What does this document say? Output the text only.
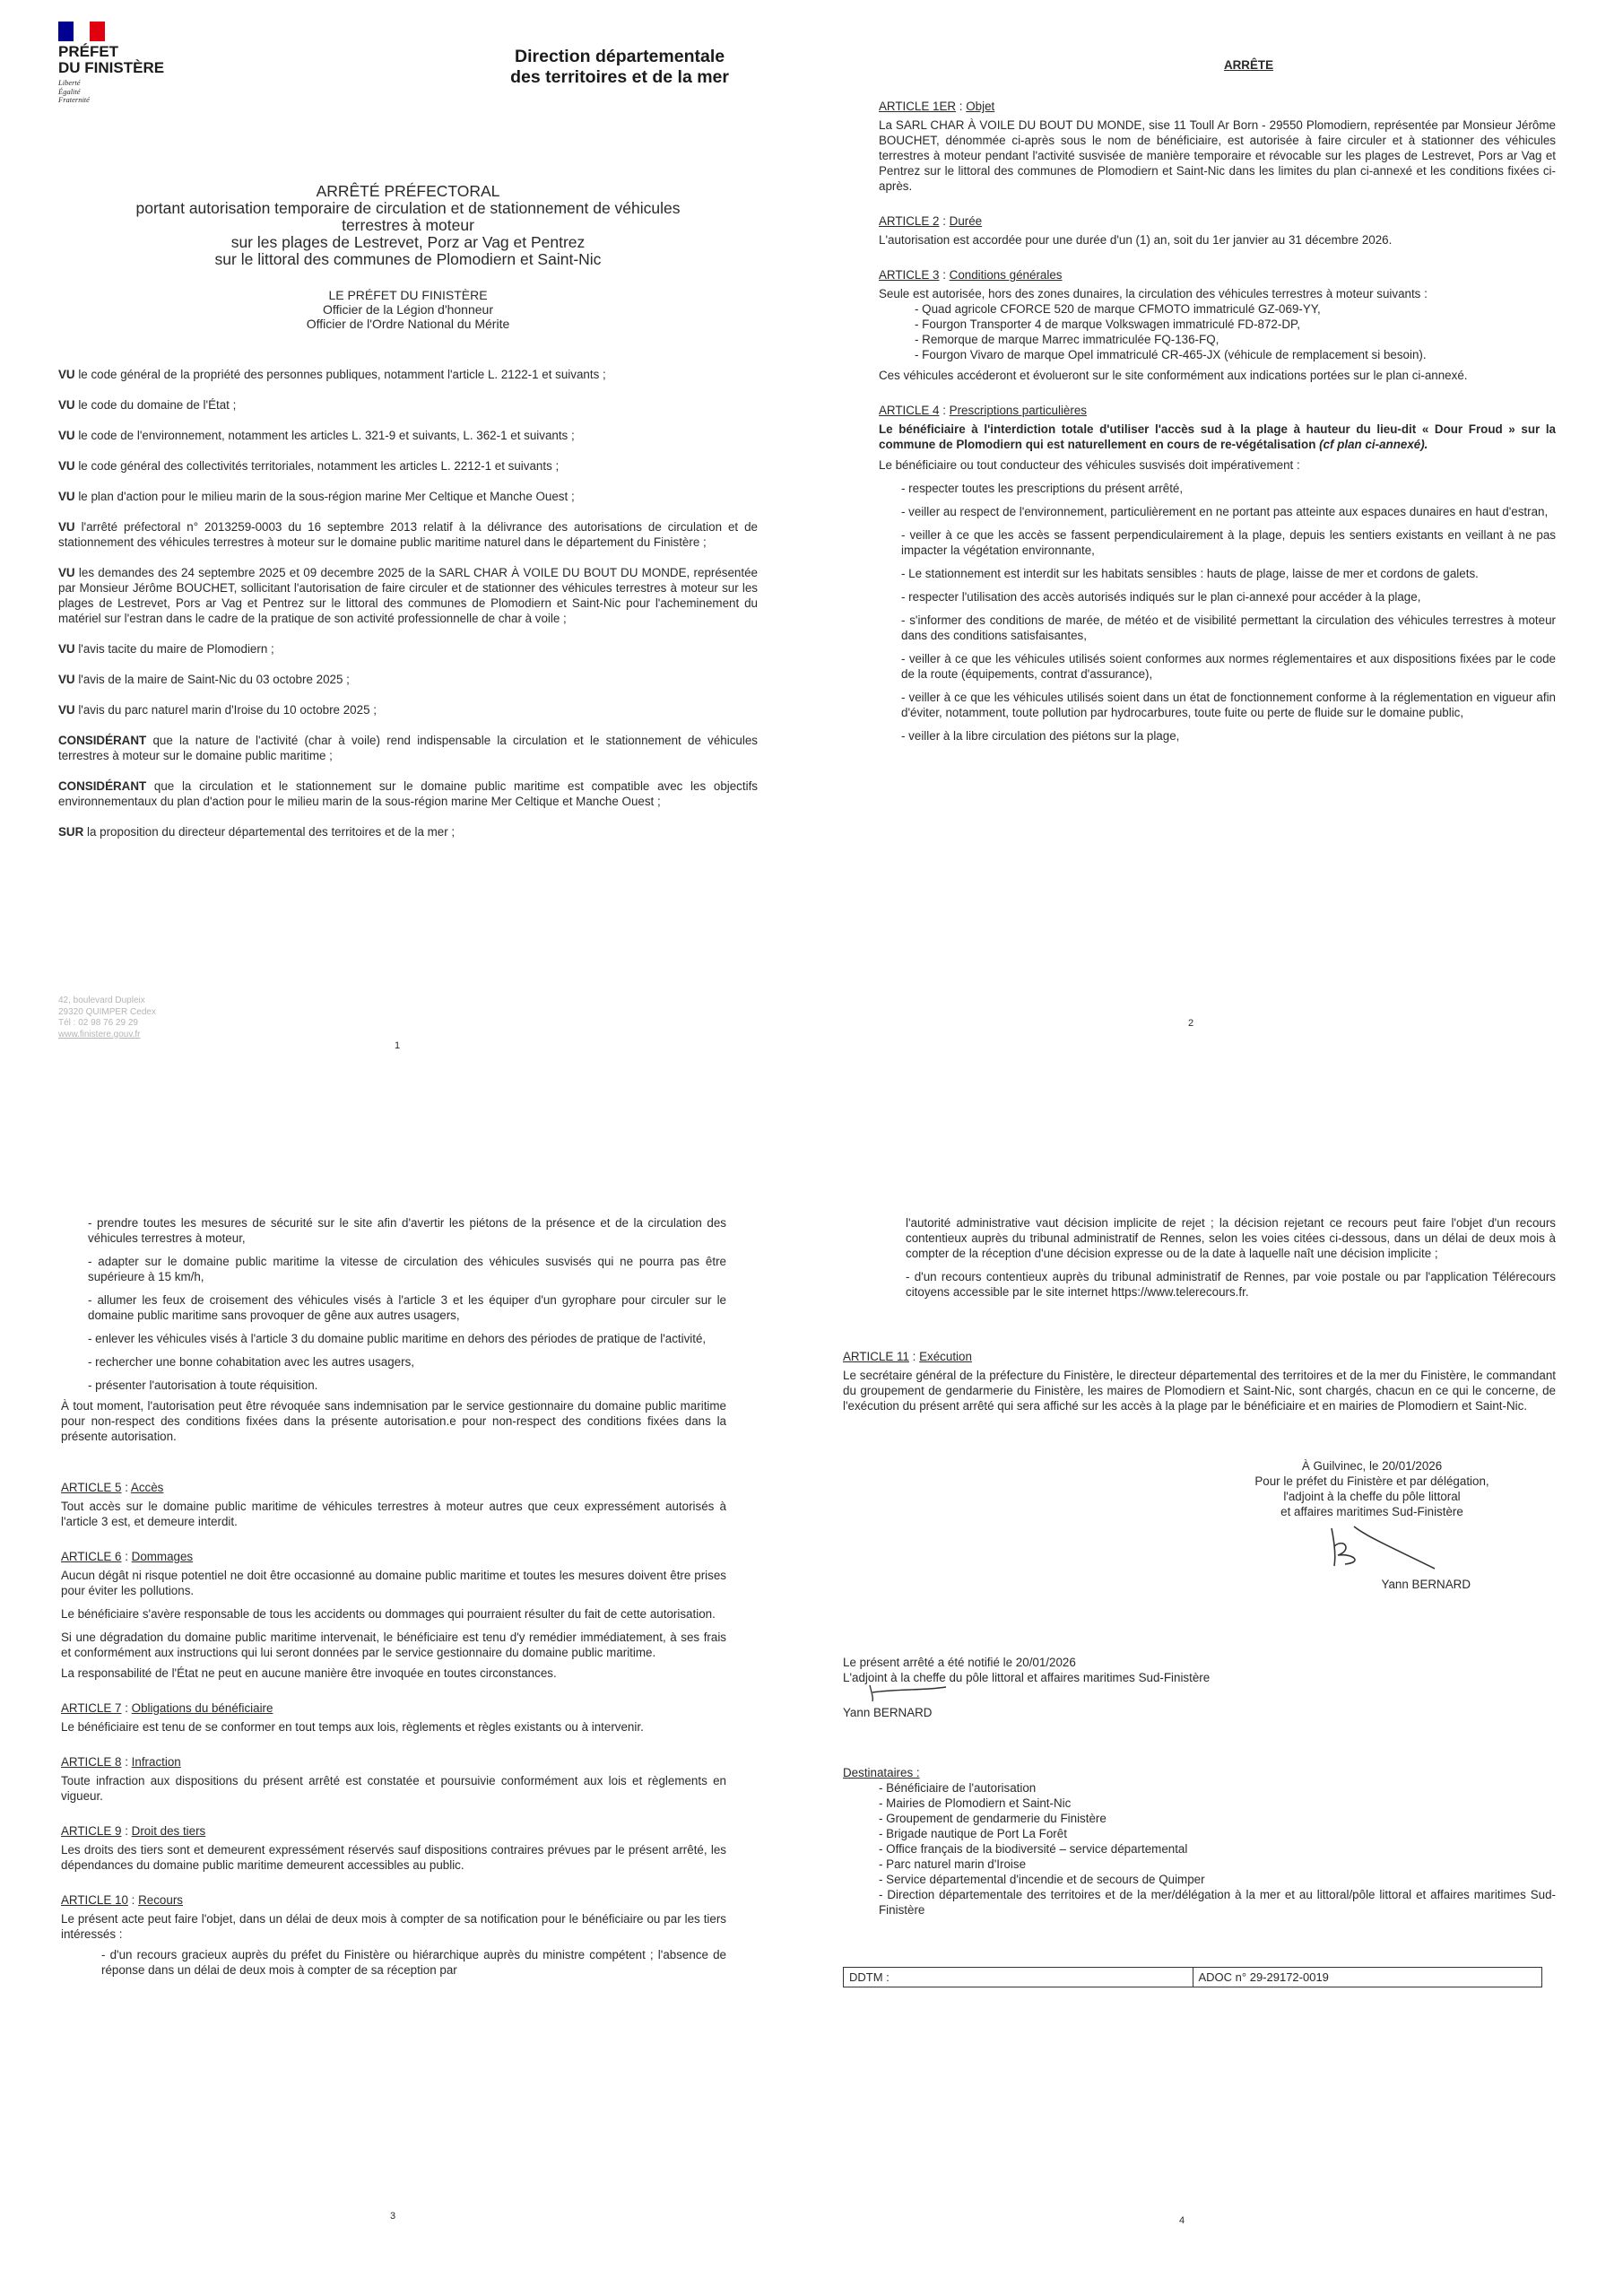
PRÉFET
DU FINISTÈRE
Liberté
Égalité
Fraternité
Direction départementale
des territoires et de la mer
ARRÊTÉ PRÉFECTORAL
portant autorisation temporaire de circulation et de stationnement de véhicules
terrestres à moteur
sur les plages de Lestrevet, Porz ar Vag et Pentrez
sur le littoral des communes de Plomodiern et Saint-Nic
LE PRÉFET DU FINISTÈRE
Officier de la Légion d'honneur
Officier de l'Ordre National du Mérite

VU le code général de la propriété des personnes publiques, notamment l'article L. 2122-1 et suivants ;

VU le code du domaine de l'État ;

VU le code de l'environnement, notamment les articles L. 321-9 et suivants, L. 362-1 et suivants ;

VU le code général des collectivités territoriales, notamment les articles L. 2212-1 et suivants ;

VU le plan d'action pour le milieu marin de la sous-région marine Mer Celtique et Manche Ouest ;

VU l'arrêté préfectoral n° 2013259-0003 du 16 septembre 2013 relatif à la délivrance des autorisations de circulation et de stationnement des véhicules terrestres à moteur sur le domaine public maritime naturel dans le département du Finistère ;

VU les demandes des 24 septembre 2025 et 09 decembre 2025 de la SARL CHAR À VOILE DU BOUT DU MONDE, représentée par Monsieur Jérôme BOUCHET, sollicitant l'autorisation de faire circuler et de stationner des véhicules terrestres à moteur sur les plages de Lestrevet, Pors ar Vag et Pentrez sur le littoral des communes de Plomodiern et Saint-Nic pour l'acheminement du matériel sur l'estran dans le cadre de la pratique de son activité professionnelle de char à voile ;

VU l'avis tacite du maire de Plomodiern ;

VU l'avis de la maire de Saint-Nic du 03 octobre 2025 ;

VU l'avis du parc naturel marin d'Iroise du 10 octobre 2025 ;

CONSIDÉRANT que la nature de l'activité (char à voile) rend indispensable la circulation et le stationnement de véhicules terrestres à moteur sur le domaine public maritime ;

CONSIDÉRANT que la circulation et le stationnement sur le domaine public maritime est compatible avec les objectifs environnementaux du plan d'action pour le milieu marin de la sous-région marine Mer Celtique et Manche Ouest ;

SUR la proposition du directeur départemental des territoires et de la mer ;

42, boulevard Dupleix
29320 QUIMPER Cedex
Tél : 02 98 76 29 29
www.finistere.gouv.fr
1
ARRÊTE

ARTICLE 1ER : Objet

La SARL CHAR À VOILE DU BOUT DU MONDE, sise 11 Toull Ar Born - 29550 Plomodiern, représentée par Monsieur Jérôme BOUCHET, dénommée ci-après sous le nom de bénéficiaire, est autorisée à faire circuler et à stationner des véhicules terrestres à moteur pendant l'activité susvisée de manière temporaire et révocable sur les plages de Lestrevet, Pors ar Vag et Pentrez sur le littoral des communes de Plomodiern et Saint-Nic dans les limites du plan ci-annexé et les conditions fixées ci-après.

ARTICLE 2 : Durée

L'autorisation est accordée pour une durée d'un (1) an, soit du 1er janvier au 31 décembre 2026.

ARTICLE 3 : Conditions générales

Seule est autorisée, hors des zones dunaires, la circulation des véhicules terrestres à moteur suivants :

- Quad agricole CFORCE 520 de marque CFMOTO immatriculé GZ-069-YY,

- Fourgon Transporter 4 de marque Volkswagen immatriculé FD-872-DP,

- Remorque de marque Marrec immatriculée FQ-136-FQ,

- Fourgon Vivaro de marque Opel immatriculé CR-465-JX (véhicule de remplacement si besoin).

Ces véhicules accéderont et évolueront sur le site conformément aux indications portées sur le plan ci-annexé.

ARTICLE 4 : Prescriptions particulières

Le bénéficiaire à l'interdiction totale d'utiliser l'accès sud à la plage à hauteur du lieu-dit « Dour Froud » sur la commune de Plomodiern qui est naturellement en cours de re-végétalisation (cf plan ci-annexé).

Le bénéficiaire ou tout conducteur des véhicules susvisés doit impérativement :

- respecter toutes les prescriptions du présent arrêté,

- veiller au respect de l'environnement, particulièrement en ne portant pas atteinte aux espaces dunaires en haut d'estran,

- veiller à ce que les accès se fassent perpendiculairement à la plage, depuis les sentiers existants en veillant à ne pas impacter la végétation environnante,

- Le stationnement est interdit sur les habitats sensibles : hauts de plage, laisse de mer et cordons de galets.

- respecter l'utilisation des accès autorisés indiqués sur le plan ci-annexé pour accéder à la plage,

- s'informer des conditions de marée, de météo et de visibilité permettant la circulation des véhicules terrestres à moteur dans des conditions satisfaisantes,

- veiller à ce que les véhicules utilisés soient conformes aux normes réglementaires et aux dispositions fixées par le code de la route (équipements, contrat d'assurance),

- veiller à ce que les véhicules utilisés soient dans un état de fonctionnement conforme à la réglementation en vigueur afin d'éviter, notamment, toute pollution par hydrocarbures, toute fuite ou perte de fluide sur le domaine public,

- veiller à la libre circulation des piétons sur la plage,

2

- prendre toutes les mesures de sécurité sur le site afin d'avertir les piétons de la présence et de la circulation des véhicules terrestres à moteur,

- adapter sur le domaine public maritime la vitesse de circulation des véhicules susvisés qui ne pourra pas être supérieure à 15 km/h,

- allumer les feux de croisement des véhicules visés à l'article 3 et les équiper d'un gyrophare pour circuler sur le domaine public maritime sans provoquer de gêne aux autres usagers,

- enlever les véhicules visés à l'article 3 du domaine public maritime en dehors des périodes de pratique de l'activité,

- rechercher une bonne cohabitation avec les autres usagers,

- présenter l'autorisation à toute réquisition.

À tout moment, l'autorisation peut être révoquée sans indemnisation par le service gestionnaire du domaine public maritime pour non-respect des conditions fixées dans la présente autorisation.e pour non-respect des conditions fixées dans la présente autorisation.

ARTICLE 5 : Accès

Tout accès sur le domaine public maritime de véhicules terrestres à moteur autres que ceux expressément autorisés à l'article 3 est, et demeure interdit.

ARTICLE 6 : Dommages

Aucun dégât ni risque potentiel ne doit être occasionné au domaine public maritime et toutes les mesures doivent être prises pour éviter les pollutions.

Le bénéficiaire s'avère responsable de tous les accidents ou dommages qui pourraient résulter du fait de cette autorisation.

Si une dégradation du domaine public maritime intervenait, le bénéficiaire est tenu d'y remédier immédiatement, à ses frais et conformément aux instructions qui lui seront données par le service gestionnaire du domaine public maritime.

La responsabilité de l'État ne peut en aucune manière être invoquée en toutes circonstances.

ARTICLE 7 : Obligations du bénéficiaire

Le bénéficiaire est tenu de se conformer en tout temps aux lois, règlements et règles existants ou à intervenir.

ARTICLE 8 : Infraction

Toute infraction aux dispositions du présent arrêté est constatée et poursuivie conformément aux lois et règlements en vigueur.

ARTICLE 9 : Droit des tiers

Les droits des tiers sont et demeurent expressément réservés sauf dispositions contraires prévues par le présent arrêté, les dépendances du domaine public maritime demeurent accessibles au public.

ARTICLE 10 : Recours

Le présent acte peut faire l'objet, dans un délai de deux mois à compter de sa notification pour le bénéficiaire ou par les tiers intéressés :

- d'un recours gracieux auprès du préfet du Finistère ou hiérarchique auprès du ministre compétent ; l'absence de réponse dans un délai de deux mois à compter de sa réception par

3

l'autorité administrative vaut décision implicite de rejet ; la décision rejetant ce recours peut faire l'objet d'un recours contentieux auprès du tribunal administratif de Rennes, selon les voies citées ci-dessous, dans un délai de deux mois à compter de la réception d'une décision expresse ou de la date à laquelle naît une décision implicite ;

- d'un recours contentieux auprès du tribunal administratif de Rennes, par voie postale ou par l'application Télérecours citoyens accessible par le site internet https://www.telerecours.fr.

ARTICLE 11 : Exécution

Le secrétaire général de la préfecture du Finistère, le directeur départemental des territoires et de la mer du Finistère, le commandant du groupement de gendarmerie du Finistère, les maires de Plomodiern et Saint-Nic, sont chargés, chacun en ce qui le concerne, de l'exécution du présent arrêté qui sera affiché sur les accès à la plage par le bénéficiaire et en mairies de Plomodiern et Saint-Nic.

À Guilvinec, le 20/01/2026
Pour le préfet du Finistère et par délégation,
l'adjoint à la cheffe du pôle littoral
et affaires maritimes Sud-Finistère
Yann BERNARD

Le présent arrêté a été notifié le 20/01/2026

L'adjoint à la cheffe du pôle littoral et affaires maritimes Sud-Finistère

Yann BERNARD

Destinataires :

- Bénéficiaire de l'autorisation

- Mairies de Plomodiern et Saint-Nic

- Groupement de gendarmerie du Finistère

- Brigade nautique de Port La Forêt

- Office français de la biodiversité – service départemental

- Parc naturel marin d'Iroise

- Service départemental d'incendie et de secours de Quimper

- Direction départementale des territoires et de la mer/délégation à la mer et au littoral/pôle littoral et affaires maritimes Sud-Finistère

DDTM :	ADOC n° 29-29172-0019
4
